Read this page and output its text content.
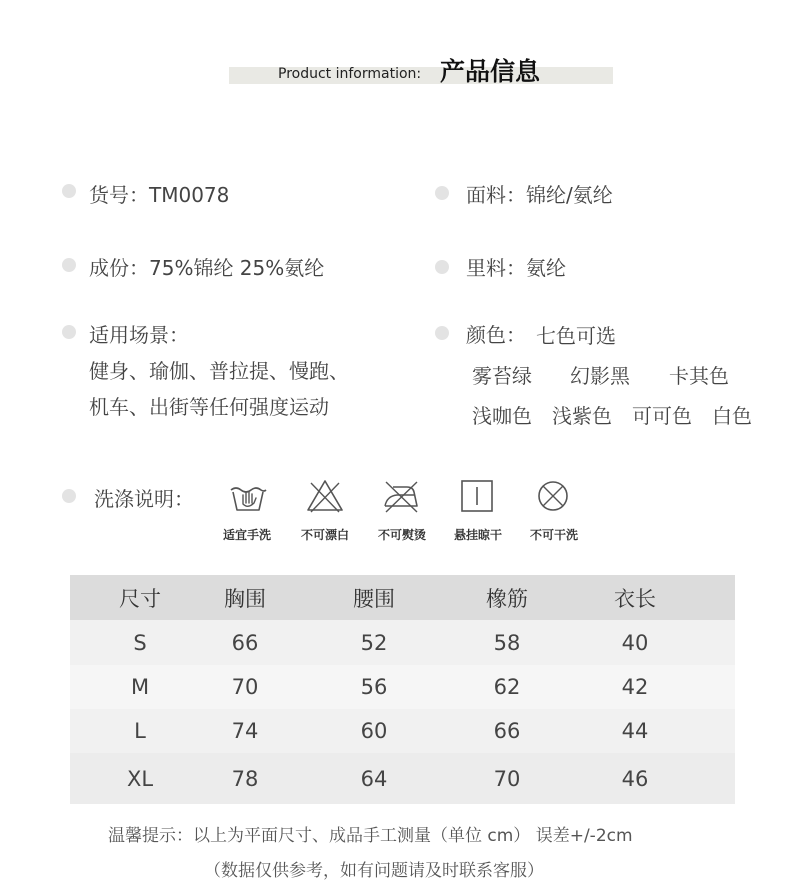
Product information: 产品信息
货号：TM0078	面料：锦纶/氨纶
成份：75%锦纶 25%氨纶	里料：氨纶
适用场景：
健身、瑜伽、普拉提、慢跑、
机车、出街等任何强度运动
颜色： 七色可选
雾苔绿 幻影黑 卡其色
浅咖色 浅紫色 可可色 白色
洗涤说明：
适宜手洗	不可漂白	不可熨烫	悬挂晾干	不可干洗
尺寸	胸围	腰围	橡筋	衣长
S	66	52	58	40
M	70	56	62	42
L	74	60	66	44
XL	78	64	70	46
温馨提示：以上为平面尺寸、成品手工测量（单位 cm） 误差+/-2cm
（数据仅供参考，如有问题请及时联系客服）
